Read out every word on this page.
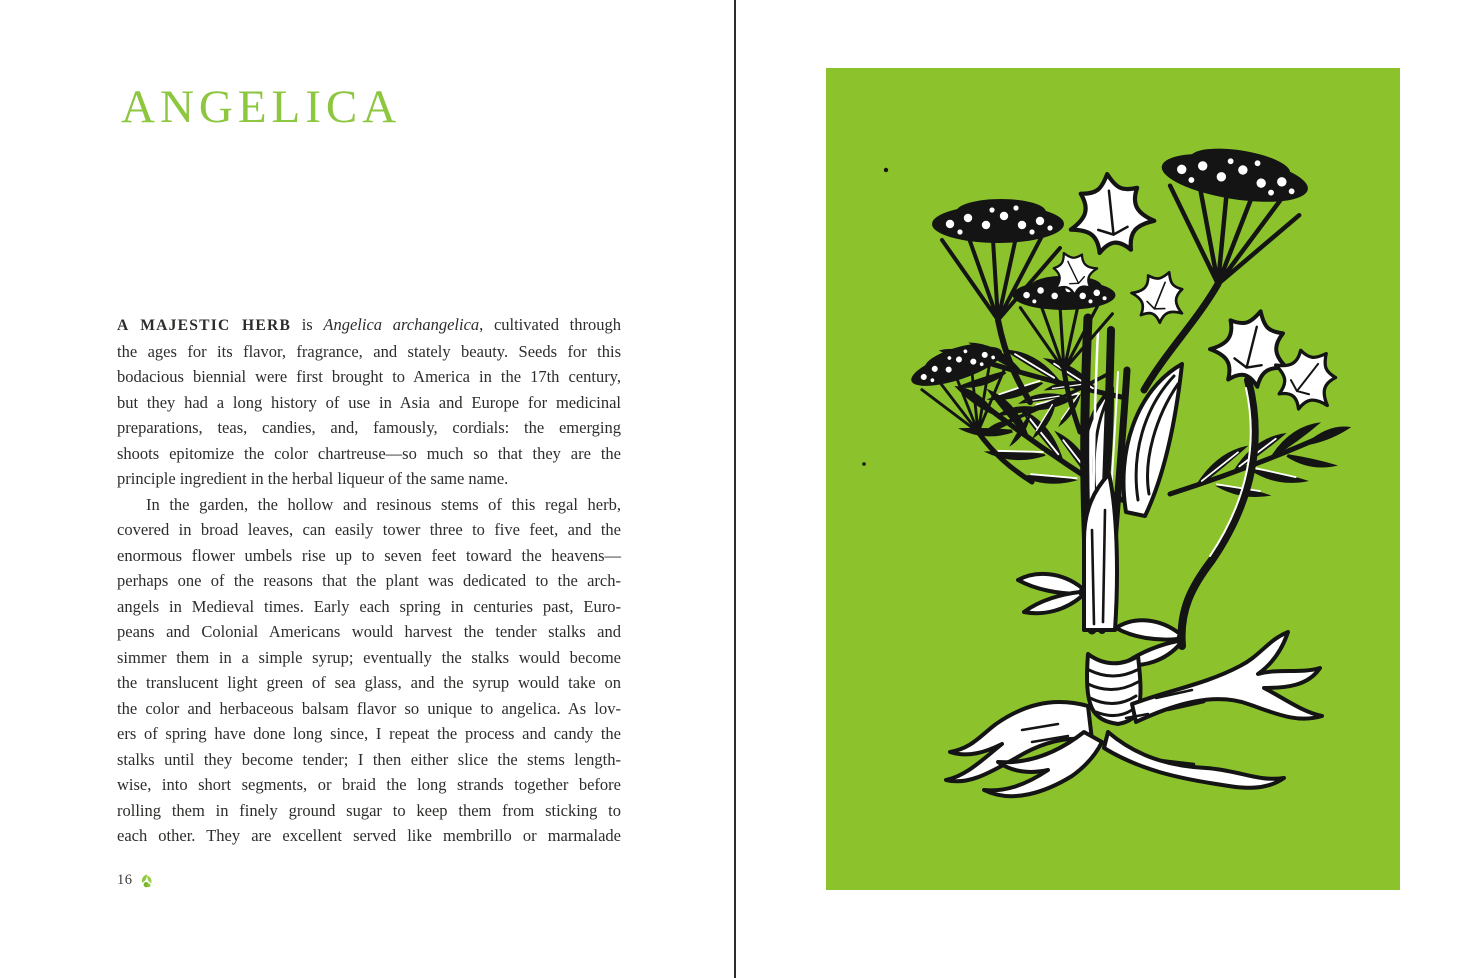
ANGELICA
A MAJESTIC HERB is Angelica archangelica, cultivated through
the ages for its flavor, fragrance, and stately beauty. Seeds for this
bodacious biennial were first brought to America in the 17th century,
but they had a long history of use in Asia and Europe for medicinal
preparations, teas, candies, and, famously, cordials: the emerging
shoots epitomize the color chartreuse—so much so that they are the
principle ingredient in the herbal liqueur of the same name.
In the garden, the hollow and resinous stems of this regal herb,
covered in broad leaves, can easily tower three to five feet, and the
enormous flower umbels rise up to seven feet toward the heavens—
perhaps one of the reasons that the plant was dedicated to the arch-
angels in Medieval times. Early each spring in centuries past, Euro-
peans and Colonial Americans would harvest the tender stalks and
simmer them in a simple syrup; eventually the stalks would become
the translucent light green of sea glass, and the syrup would take on
the color and herbaceous balsam flavor so unique to angelica. As lov-
ers of spring have done long since, I repeat the process and candy the
stalks until they become tender; I then either slice the stems length-
wise, into short segments, or braid the long strands together before
rolling them in finely ground sugar to keep them from sticking to
each other. They are excellent served like membrillo or marmalade
16
